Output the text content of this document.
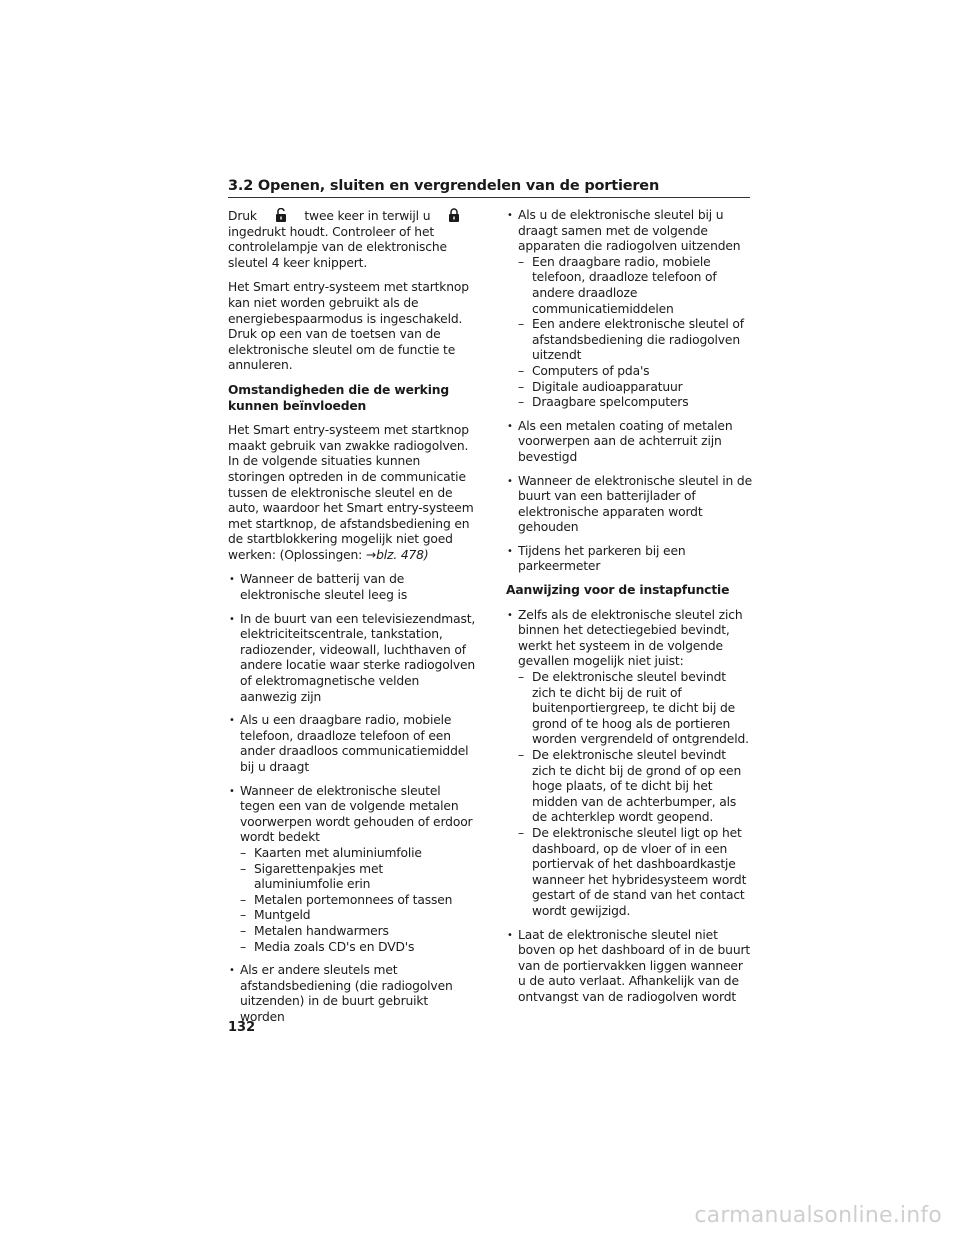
3.2 Openen, sluiten en vergrendelen van de portieren

Druk	twee keer in terwijl u  ingedrukt houdt. Controleer of het controlelampje van de elektronische sleutel 4 keer knippert.

Het Smart entry-systeem met startknop kan niet worden gebruikt als de energiebespaarmodus is ingeschakeld. Druk op een van de toetsen van de elektronische sleutel om de functie te annuleren.

Omstandigheden die de werking kunnen beïnvloeden

Het Smart entry-systeem met startknop maakt gebruik van zwakke radiogolven. In de volgende situaties kunnen storingen optreden in de communicatie tussen de elektronische sleutel en de auto, waardoor het Smart entry-systeem met startknop, de afstandsbediening en de startblokkering mogelijk niet goed werken: (Oplossingen: →blz. 478)

• Wanneer de batterij van de elektronische sleutel leeg is
• In de buurt van een televisiezendmast, elektriciteitscentrale, tankstation, radiozender, videowall, luchthaven of andere locatie waar sterke radiogolven of elektromagnetische velden aanwezig zijn
• Als u een draagbare radio, mobiele telefoon, draadloze telefoon of een ander draadloos communicatiemiddel bij u draagt
• Wanneer de elektronische sleutel tegen een van de volgende metalen voorwerpen wordt gehouden of erdoor wordt bedekt
– Kaarten met aluminiumfolie
– Sigarettenpakjes met aluminiumfolie erin
– Metalen portemonnees of tassen
– Muntgeld
– Metalen handwarmers
– Media zoals CD's en DVD's
• Als er andere sleutels met afstandsbediening (die radiogolven uitzenden) in de buurt gebruikt worden
• Als u de elektronische sleutel bij u draagt samen met de volgende apparaten die radiogolven uitzenden
– Een draagbare radio, mobiele telefoon, draadloze telefoon of andere draadloze communicatiemiddelen
– Een andere elektronische sleutel of afstandsbediening die radiogolven uitzendt
– Computers of pda's
– Digitale audioapparatuur
– Draagbare spelcomputers
• Als een metalen coating of metalen voorwerpen aan de achterruit zijn bevestigd
• Wanneer de elektronische sleutel in de buurt van een batterijlader of elektronische apparaten wordt gehouden
• Tijdens het parkeren bij een parkeermeter
Aanwijzing voor de instapfunctie
• Zelfs als de elektronische sleutel zich binnen het detectiegebied bevindt, werkt het systeem in de volgende gevallen mogelijk niet juist:
– De elektronische sleutel bevindt zich te dicht bij de ruit of buitenportiergreep, te dicht bij de grond of te hoog als de portieren worden vergrendeld of ontgrendeld.
– De elektronische sleutel bevindt zich te dicht bij de grond of op een hoge plaats, of te dicht bij het midden van de achterbumper, als de achterklep wordt geopend.
– De elektronische sleutel ligt op het dashboard, op de vloer of in een portiervak of het dashboardkastje wanneer het hybridesysteem wordt gestart of de stand van het contact wordt gewijzigd.
• Laat de elektronische sleutel niet boven op het dashboard of in de buurt van de portiervakken liggen wanneer u de auto verlaat. Afhankelijk van de ontvangst van de radiogolven wordt
132
carmanualsonline.info
